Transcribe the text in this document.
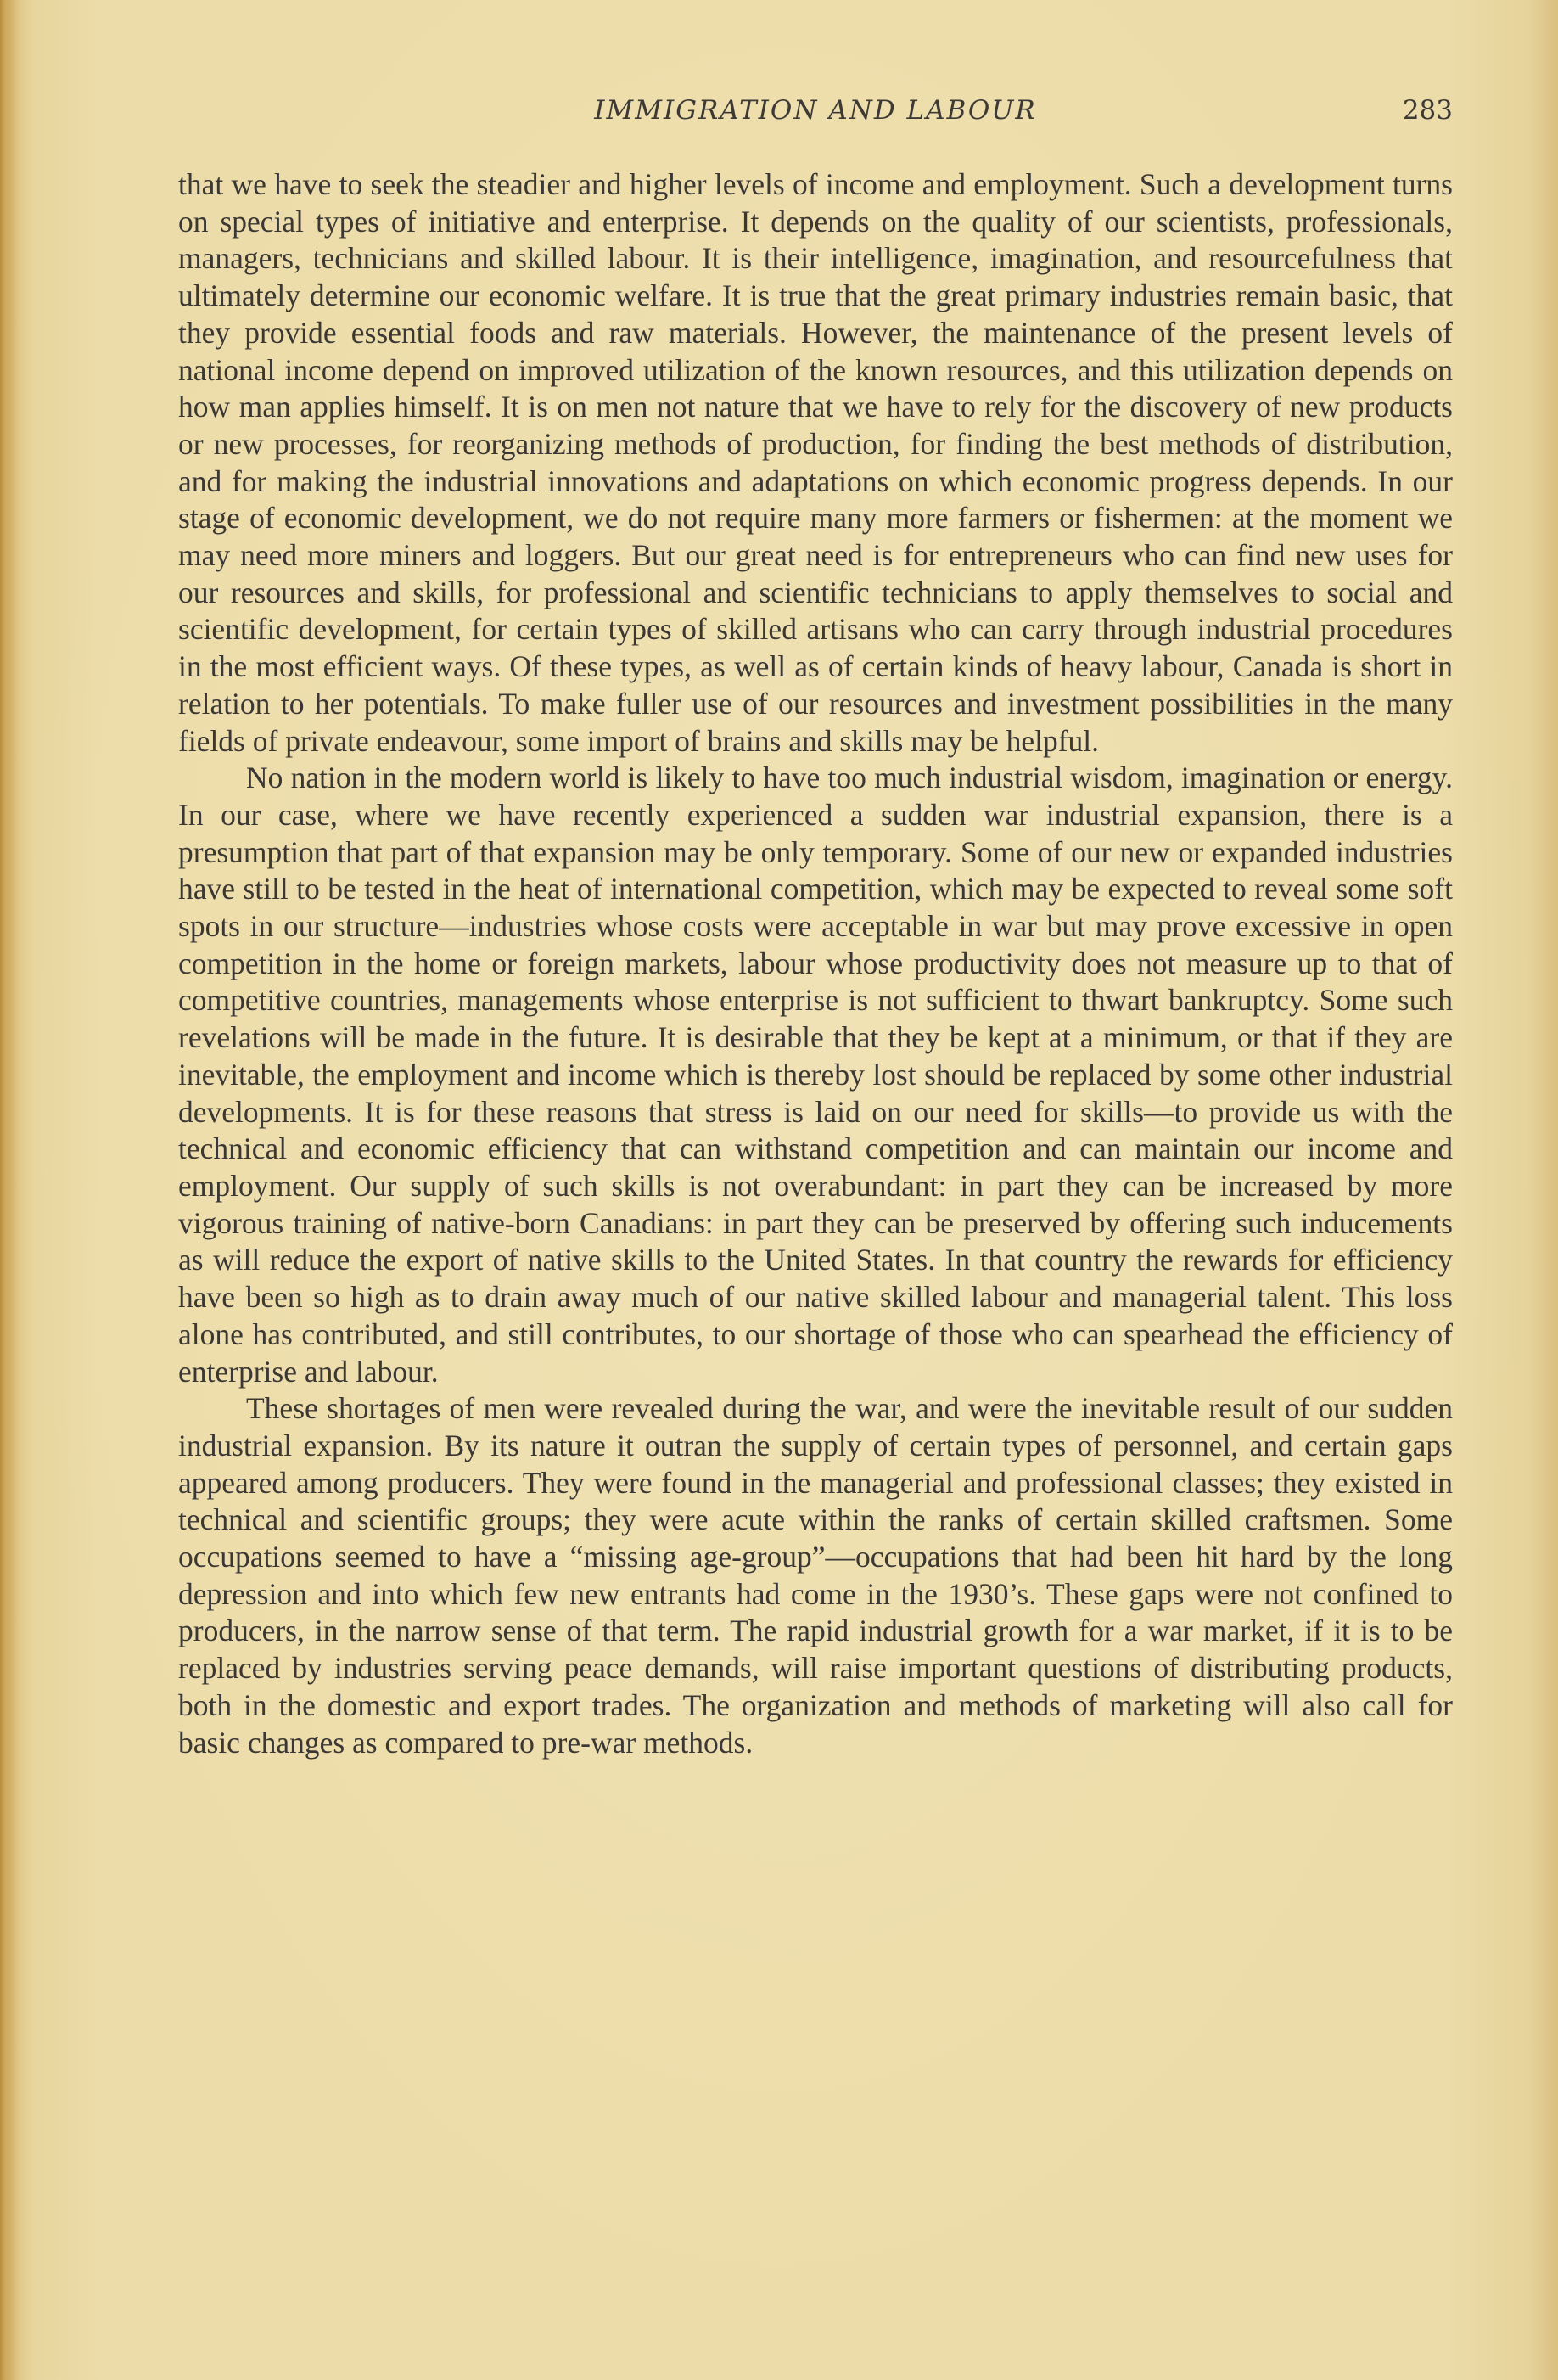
IMMIGRATION AND LABOUR	283

that we have to seek the steadier and higher levels of income and employment. Such a development turns on special types of initiative and enterprise. It depends on the quality of our scientists, professionals, managers, technicians and skilled labour. It is their intelligence, imagination, and resourcefulness that ultimately determine our economic welfare. It is true that the great primary industries remain basic, that they provide essential foods and raw materials. However, the maintenance of the present levels of national income depend on improved utilization of the known resources, and this utilization depends on how man applies himself. It is on men not nature that we have to rely for the discovery of new products or new processes, for reorganizing methods of production, for finding the best methods of distribution, and for making the industrial innovations and adaptations on which economic progress depends. In our stage of economic development, we do not require many more farmers or fishermen: at the moment we may need more miners and loggers. But our great need is for entrepreneurs who can find new uses for our resources and skills, for professional and scientific technicians to apply themselves to social and scientific development, for certain types of skilled artisans who can carry through industrial procedures in the most efficient ways. Of these types, as well as of certain kinds of heavy labour, Canada is short in relation to her potentials. To make fuller use of our resources and investment possibilities in the many fields of private endeavour, some import of brains and skills may be helpful.

No nation in the modern world is likely to have too much industrial wisdom, imagination or energy. In our case, where we have recently experienced a sudden war industrial expansion, there is a presumption that part of that expansion may be only temporary. Some of our new or expanded industries have still to be tested in the heat of international competition, which may be expected to reveal some soft spots in our structure—industries whose costs were acceptable in war but may prove excessive in open competition in the home or foreign markets, labour whose productivity does not measure up to that of competitive countries, managements whose enterprise is not sufficient to thwart bankruptcy. Some such revelations will be made in the future. It is desirable that they be kept at a minimum, or that if they are inevitable, the employment and income which is thereby lost should be replaced by some other industrial developments. It is for these reasons that stress is laid on our need for skills—to provide us with the technical and economic efficiency that can withstand competition and can maintain our income and employment. Our supply of such skills is not overabundant: in part they can be increased by more vigorous training of native-born Canadians: in part they can be preserved by offering such inducements as will reduce the export of native skills to the United States. In that country the rewards for efficiency have been so high as to drain away much of our native skilled labour and managerial talent. This loss alone has contributed, and still contributes, to our shortage of those who can spearhead the efficiency of enterprise and labour.

These shortages of men were revealed during the war, and were the inevitable result of our sudden industrial expansion. By its nature it outran the supply of certain types of personnel, and certain gaps appeared among producers. They were found in the managerial and professional classes; they existed in technical and scientific groups; they were acute within the ranks of certain skilled craftsmen. Some occupations seemed to have a “missing age-group”—occupations that had been hit hard by the long depression and into which few new entrants had come in the 1930’s. These gaps were not confined to producers, in the narrow sense of that term. The rapid industrial growth for a war market, if it is to be replaced by industries serving peace demands, will raise important questions of distributing products, both in the domestic and export trades. The organization and methods of marketing will also call for basic changes as compared to pre-war methods.
